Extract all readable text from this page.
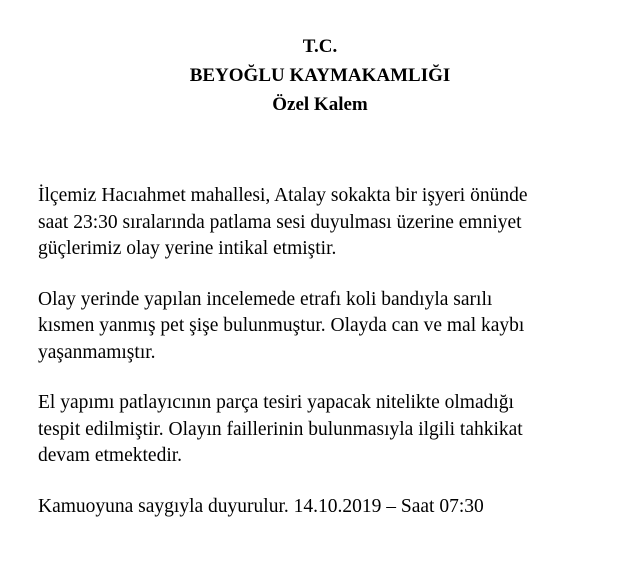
T.C.
BEYOĞLU KAYMAKAMLIĞI
Özel Kalem

İlçemiz Hacıahmet mahallesi, Atalay sokakta bir işyeri önünde
saat 23:30 sıralarında patlama sesi duyulması üzerine emniyet
güçlerimiz olay yerine intikal etmiştir.

Olay yerinde yapılan incelemede etrafı koli bandıyla sarılı
kısmen yanmış pet şişe bulunmuştur. Olayda can ve mal kaybı
yaşanmamıştır.

El yapımı patlayıcının parça tesiri yapacak nitelikte olmadığı
tespit edilmiştir. Olayın faillerinin bulunmasıyla ilgili tahkikat
devam etmektedir.

Kamuoyuna saygıyla duyurulur. 14.10.2019 – Saat 07:30
